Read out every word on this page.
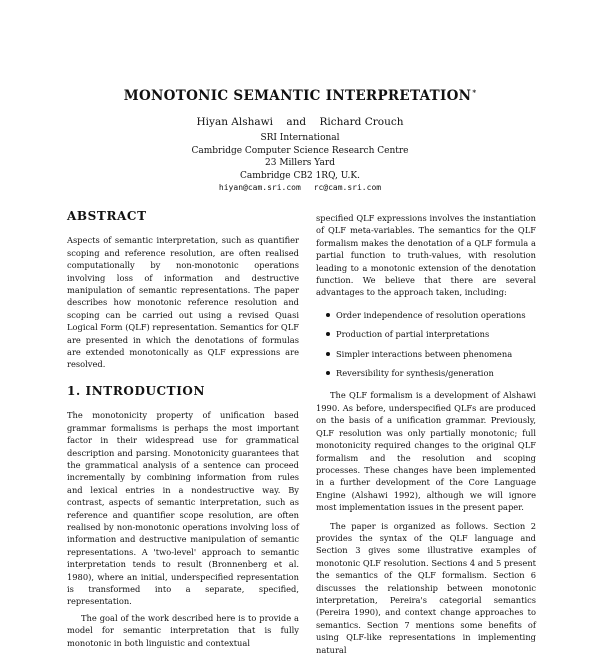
MONOTONIC SEMANTIC INTERPRETATION*
Hiyan Alshawi and Richard Crouch
SRI International
Cambridge Computer Science Research Centre
23 Millers Yard
Cambridge CB2 1RQ, U.K.
hiyan@cam.sri.com rc@cam.sri.com
ABSTRACT

Aspects of semantic interpretation, such as quantifier scoping and reference resolution, are often realised computationally by non-monotonic operations involving loss of information and destructive manipulation of semantic representations. The paper describes how monotonic reference resolution and scoping can be carried out using a revised Quasi Logical Form (QLF) representation. Semantics for QLF are presented in which the denotations of formulas are extended monotonically as QLF expressions are resolved.

1. INTRODUCTION

The monotonicity property of unification based grammar formalisms is perhaps the most important factor in their widespread use for grammatical description and parsing. Monotonicity guarantees that the grammatical analysis of a sentence can proceed incrementally by combining information from rules and lexical entries in a nondestructive way. By contrast, aspects of semantic interpretation, such as reference and quantifier scope resolution, are often realised by non-monotonic operations involving loss of information and destructive manipulation of semantic representations. A 'two-level' approach to semantic interpretation tends to result (Bronnenberg et al. 1980), where an initial, underspecified representation is transformed into a separate, specified, representation.

The goal of the work described here is to provide a model for semantic interpretation that is fully monotonic in both linguistic and contextual

specified QLF expressions involves the instantiation of QLF meta-variables. The semantics for the QLF formalism makes the denotation of a QLF formula a partial function to truth-values, with resolution leading to a monotonic extension of the denotation function. We believe that there are several advantages to the approach taken, including:

Order independence of resolution operations
Production of partial interpretations
Simpler interactions between phenomena
Reversibility for synthesis/generation

The QLF formalism is a development of Alshawi 1990. As before, underspecified QLFs are produced on the basis of a unification grammar. Previously, QLF resolution was only partially monotonic; full monotonicity required changes to the original QLF formalism and the resolution and scoping processes. These changes have been implemented in a further development of the Core Language Engine (Alshawi 1992), although we will ignore most implementation issues in the present paper.

The paper is organized as follows. Section 2 provides the syntax of the QLF language and Section 3 gives some illustrative examples of monotonic QLF resolution. Sections 4 and 5 present the semantics of the QLF formalism. Section 6 discusses the relationship between monotonic interpretation, Pereira's categorial semantics (Pereira 1990), and context change approaches to semantics. Section 7 mentions some benefits of using QLF-like representations in implementing natural
